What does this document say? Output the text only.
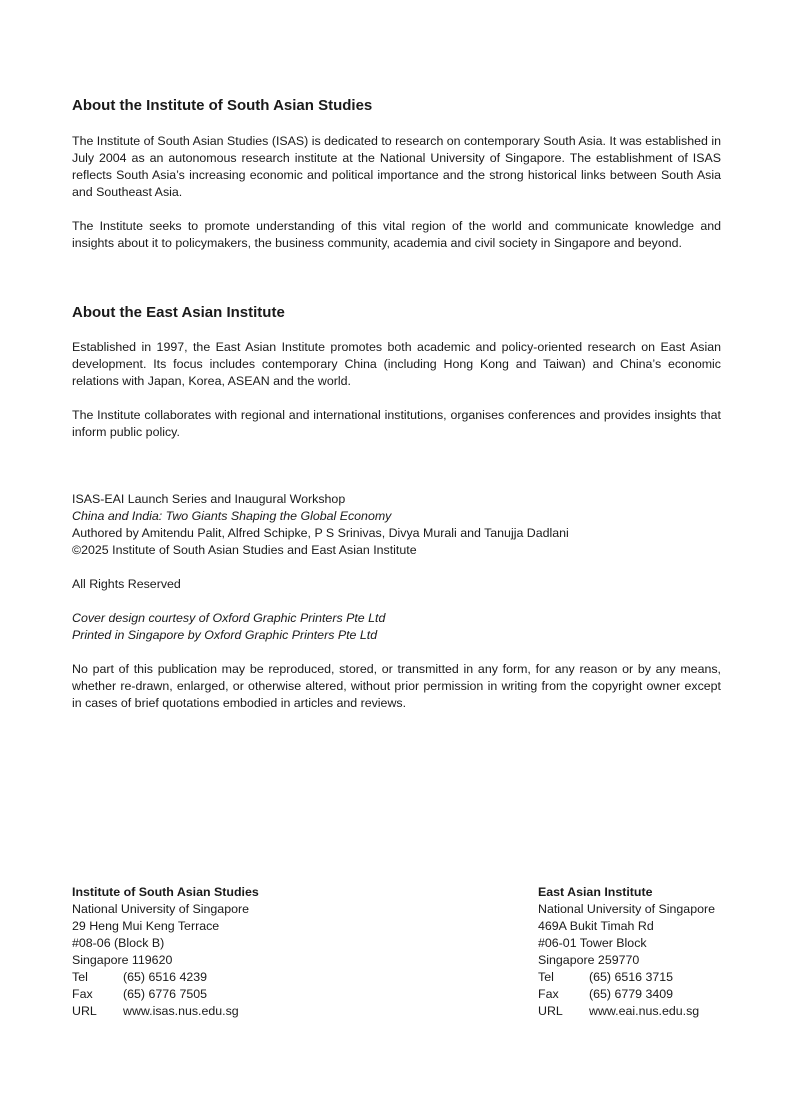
About the Institute of South Asian Studies

The Institute of South Asian Studies (ISAS) is dedicated to research on contemporary South Asia. It was established in July 2004 as an autonomous research institute at the National University of Singapore. The establishment of ISAS reflects South Asia’s increasing economic and political importance and the strong historical links between South Asia and Southeast Asia.

The Institute seeks to promote understanding of this vital region of the world and communicate knowledge and insights about it to policymakers, the business community, academia and civil society in Singapore and beyond.

About the East Asian Institute

Established in 1997, the East Asian Institute promotes both academic and policy-oriented research on East Asian development. Its focus includes contemporary China (including Hong Kong and Taiwan) and China’s economic relations with Japan, Korea, ASEAN and the world.

The Institute collaborates with regional and international institutions, organises conferences and provides insights that inform public policy.

ISAS-EAI Launch Series and Inaugural Workshop
China and India: Two Giants Shaping the Global Economy
Authored by Amitendu Palit, Alfred Schipke, P S Srinivas, Divya Murali and Tanujja Dadlani
©2025 Institute of South Asian Studies and East Asian Institute
All Rights Reserved
Cover design courtesy of Oxford Graphic Printers Pte Ltd
Printed in Singapore by Oxford Graphic Printers Pte Ltd

No part of this publication may be reproduced, stored, or transmitted in any form, for any reason or by any means, whether re-drawn, enlarged, or otherwise altered, without prior permission in writing from the copyright owner except in cases of brief quotations embodied in articles and reviews.

Institute of South Asian Studies
National University of Singapore
29 Heng Mui Keng Terrace
#08-06 (Block B)
Singapore 119620
Tel	(65) 6516 4239
Fax	(65) 6776 7505
URL	www.isas.nus.edu.sg
East Asian Institute
National University of Singapore
469A Bukit Timah Rd
#06-01 Tower Block
Singapore 259770
Tel	(65) 6516 3715
Fax	(65) 6779 3409
URL	www.eai.nus.edu.sg
